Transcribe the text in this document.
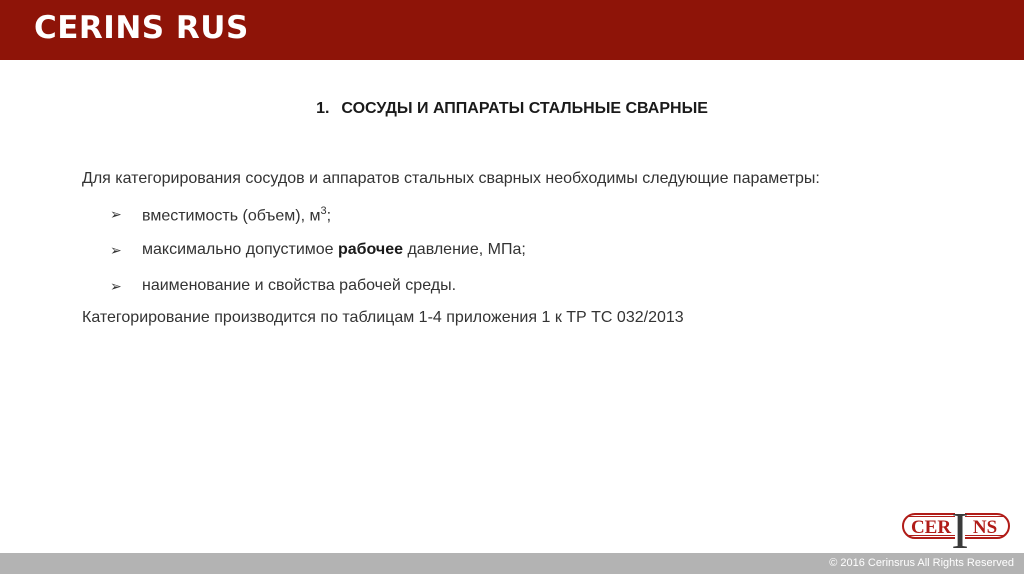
CERINS RUS
1. СОСУДЫ И АППАРАТЫ СТАЛЬНЫЕ СВАРНЫЕ
Для категорирования сосудов и аппаратов стальных сварных необходимы следующие параметры:
➢ вместимость (объем), $м^3$;
➢ максимально допустимое рабочее давление, МПа;
➢ наименование и свойства рабочей среды.
Категорирование производится по таблицам 1-4 приложения 1 к ТР ТС 032/2013
CER I NS
© 2016 Cerinsrus All Rights Reserved
